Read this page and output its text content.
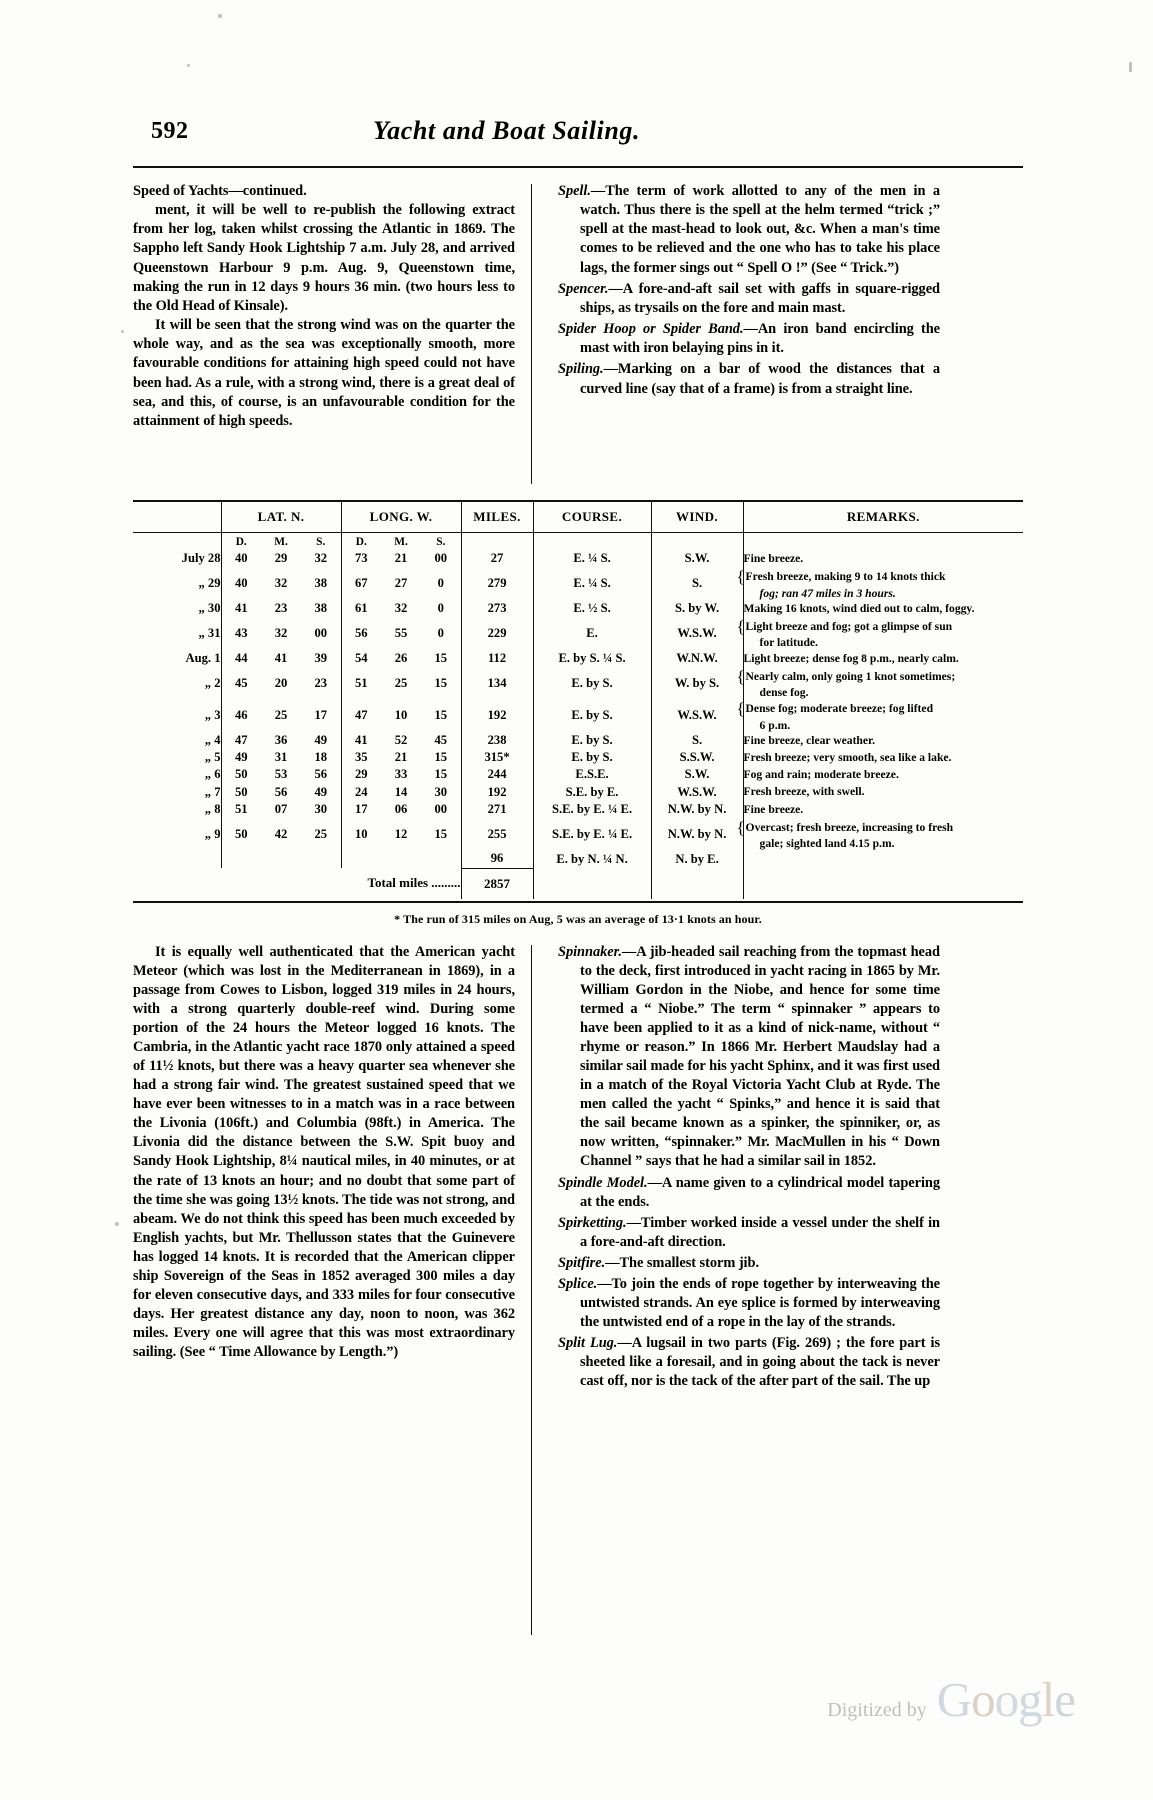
592	Yacht and Boat Sailing.
Speed of Yachts—continued.
ment, it will be well to re-publish the following extract from her log, taken whilst crossing the Atlantic in 1869. The Sappho left Sandy Hook Lightship 7 a.m. July 28, and arrived Queenstown Harbour 9 p.m. Aug. 9, Queenstown time, making the run in 12 days 9 hours 36 min. (two hours less to the Old Head of Kinsale).
It will be seen that the strong wind was on the quarter the whole way, and as the sea was exceptionally smooth, more favourable conditions for attaining high speed could not have been had. As a rule, with a strong wind, there is a great deal of sea, and this, of course, is an unfavourable condition for the attainment of high speeds.
Spell.—The term of work allotted to any of the men in a watch. Thus there is the spell at the helm termed “trick ;” spell at the mast-head to look out, &c. When a man's time comes to be relieved and the one who has to take his place lags, the former sings out “ Spell O !” (See “ Trick.”)
Spencer.—A fore-and-aft sail set with gaffs in square-rigged ships, as trysails on the fore and main mast.
Spider Hoop or Spider Band.—An iron band encircling the mast with iron belaying pins in it.
Spiling.—Marking on a bar of wood the distances that a curved line (say that of a frame) is from a straight line.
	LAT. N.			LONG. W.			MILES.	COURSE.	WIND.	REMARKS.
	D.	M.	S.	D.	M.	S.				
July 28	40	29	32	73	21	00	27	E. ¼ S.	S.W.	Fine breeze.
„ 29	40	32	38	67	27	0	279	E. ¼ S.	S.	{Fresh breeze, making 9 to 14 knots thick
fog; ran 47 miles in 3 hours.

„ 30	41	23	38	61	32	0	273	E. ½ S.	S. by W.	Making 16 knots, wind died out to calm, foggy.
„ 31	43	32	00	56	55	0	229	E.	W.S.W.	{Light breeze and fog; got a glimpse of sun
for latitude.

Aug. 1	44	41	39	54	26	15	112	E. by S. ¼ S.	W.N.W.	Light breeze; dense fog 8 p.m., nearly calm.
„ 2	45	20	23	51	25	15	134	E. by S.	W. by S.	{Nearly calm, only going 1 knot sometimes;
dense fog.

„ 3	46	25	17	47	10	15	192	E. by S.	W.S.W.	{Dense fog; moderate breeze; fog lifted
6 p.m.

„ 4	47	36	49	41	52	45	238	E. by S.	S.	Fine breeze, clear weather.
„ 5	49	31	18	35	21	15	315*	E. by S.	S.S.W.	Fresh breeze; very smooth, sea like a lake.
„ 6	50	53	56	29	33	15	244	E.S.E.	S.W.	Fog and rain; moderate breeze.
„ 7	50	56	49	24	14	30	192	S.E. by E.	W.S.W.	Fresh breeze, with swell.
„ 8	51	07	30	17	06	00	271	S.E. by E. ¼ E.	N.W. by N.	Fine breeze.
„ 9	50	42	25	10	12	15	255	S.E. by E. ¼ E.	N.W. by N.	{Overcast; fresh breeze, increasing to fresh
gale; sighted land 4.15 p.m.

							96	E. by N. ¼ N.	N. by E.	
Total miles .........							2857			
* The run of 315 miles on Aug, 5 was an average of 13·1 knots an hour.
It is equally well authenticated that the American yacht Meteor (which was lost in the Mediterranean in 1869), in a passage from Cowes to Lisbon, logged 319 miles in 24 hours, with a strong quarterly double-reef wind. During some portion of the 24 hours the Meteor logged 16 knots. The Cambria, in the Atlantic yacht race 1870 only attained a speed of 11½ knots, but there was a heavy quarter sea whenever she had a strong fair wind. The greatest sustained speed that we have ever been witnesses to in a match was in a race between the Livonia (106ft.) and Columbia (98ft.) in America. The Livonia did the distance between the S.W. Spit buoy and Sandy Hook Lightship, 8¼ nautical miles, in 40 minutes, or at the rate of 13 knots an hour; and no doubt that some part of the time she was going 13½ knots. The tide was not strong, and abeam. We do not think this speed has been much exceeded by English yachts, but Mr. Thellusson states that the Guinevere has logged 14 knots. It is recorded that the American clipper ship Sovereign of the Seas in 1852 averaged 300 miles a day for eleven consecutive days, and 333 miles for four consecutive days. Her greatest distance any day, noon to noon, was 362 miles. Every one will agree that this was most extraordinary sailing. (See “ Time Allowance by Length.”)
Spinnaker.—A jib-headed sail reaching from the topmast head to the deck, first introduced in yacht racing in 1865 by Mr. William Gordon in the Niobe, and hence for some time termed a “ Niobe.” The term “ spinnaker ” appears to have been applied to it as a kind of nick-name, without “ rhyme or reason.” In 1866 Mr. Herbert Maudslay had a similar sail made for his yacht Sphinx, and it was first used in a match of the Royal Victoria Yacht Club at Ryde. The men called the yacht “ Spinks,” and hence it is said that the sail became known as a spinker, the spinniker, or, as now written, “spinnaker.” Mr. MacMullen in his “ Down Channel ” says that he had a similar sail in 1852.
Spindle Model.—A name given to a cylindrical model tapering at the ends.
Spirketting.—Timber worked inside a vessel under the shelf in a fore-and-aft direction.
Spitfire.—The smallest storm jib.
Splice.—To join the ends of rope together by interweaving the untwisted strands. An eye splice is formed by interweaving the untwisted end of a rope in the lay of the strands.
Split Lug.—A lugsail in two parts (Fig. 269) ; the fore part is sheeted like a foresail, and in going about the tack is never cast off, nor is the tack of the after part of the sail. The up
Digitized by Google
